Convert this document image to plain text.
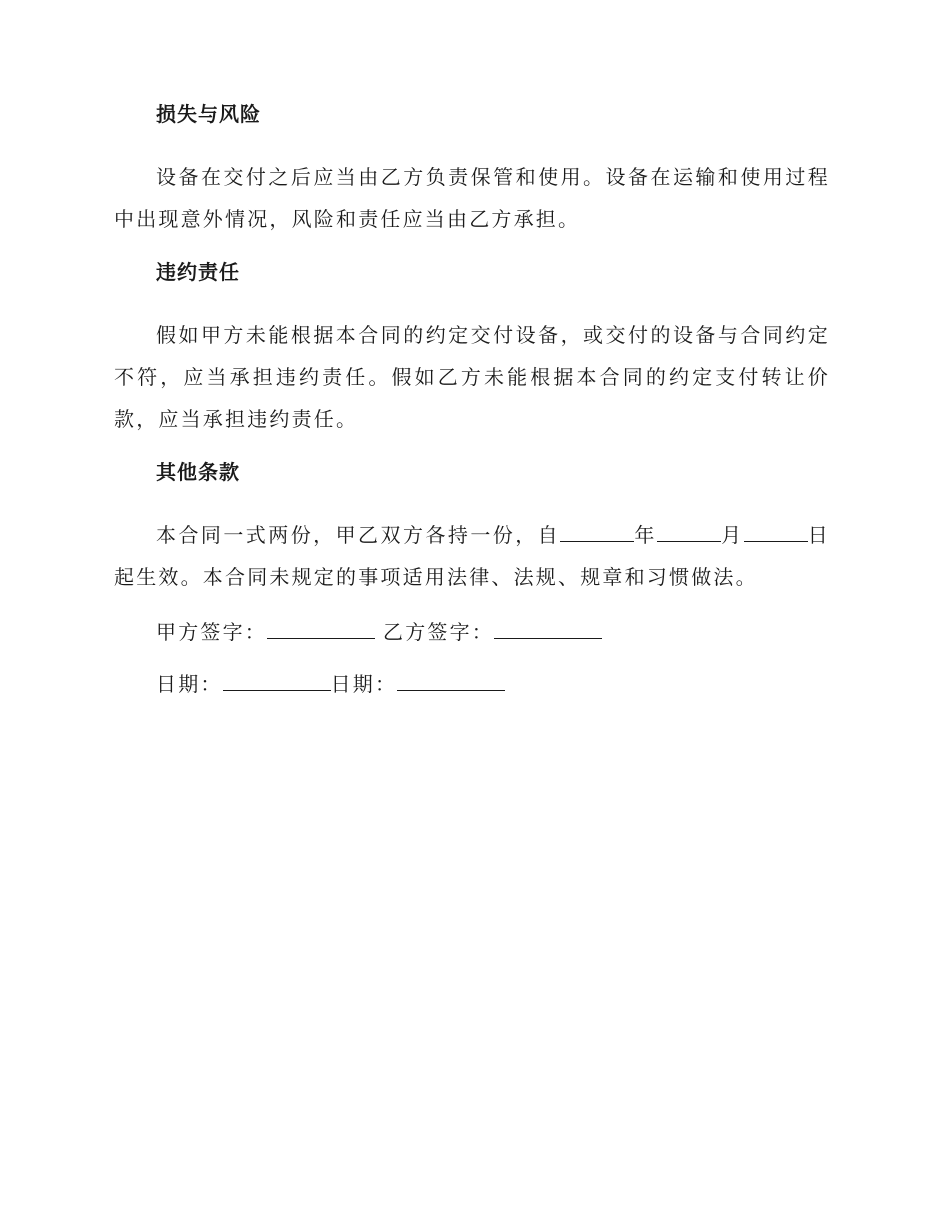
损失与风险

设备在交付之后应当由乙方负责保管和使用。设备在运输和使用过程中出现意外情况，风险和责任应当由乙方承担。

违约责任

假如甲方未能根据本合同的约定交付设备，或交付的设备与合同约定不符，应当承担违约责任。假如乙方未能根据本合同的约定支付转让价款，应当承担违约责任。

其他条款

本合同一式两份，甲乙双方各持一份，自	年	月	日起生效。本合同未规定的事项适用法律、法规、规章和习惯做法。

甲方签字：	乙方签字：

日期：	日期：
